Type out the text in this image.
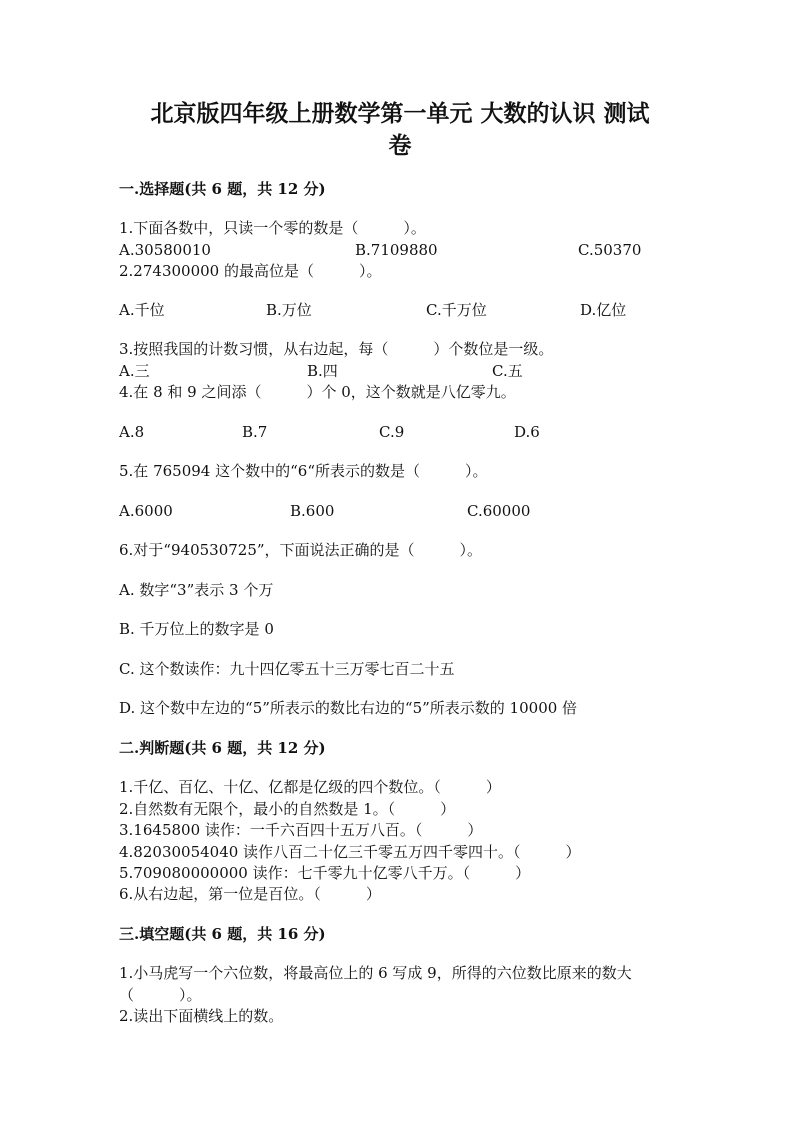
北京版四年级上册数学第一单元 大数的认识 测试
卷
一.选择题(共 6 题，共 12 分)
1.下面各数中，只读一个零的数是（　　　）。
A.30580010	B.7109880	C.50370
2.274300000 的最高位是（　　　）。
A.千位	B.万位	C.千万位	D.亿位
3.按照我国的计数习惯，从右边起，每（　　　）个数位是一级。
A.三	B.四	C.五
4.在 8 和 9 之间添（　　　）个 0，这个数就是八亿零九。
A.8	B.7	C.9	D.6
5.在 765094 这个数中的“6“所表示的数是（　　　）。
A.6000	B.600	C.60000
6.对于“940530725”，下面说法正确的是（　　　）。
A. 数字“3”表示 3 个万
B. 千万位上的数字是 0
C. 这个数读作：九十四亿零五十三万零七百二十五
D. 这个数中左边的“5”所表示的数比右边的“5”所表示数的 10000 倍
二.判断题(共 6 题，共 12 分)
1.千亿、百亿、十亿、亿都是亿级的四个数位。（　　　）
2.自然数有无限个，最小的自然数是 1。（　　　）
3.1645800 读作：一千六百四十五万八百。（　　　）
4.82030054040 读作八百二十亿三千零五万四千零四十。（　　　）
5.709080000000 读作：七千零九十亿零八千万。（　　　）
6.从右边起，第一位是百位。（　　　）
三.填空题(共 6 题，共 16 分)
1.小马虎写一个六位数，将最高位上的 6 写成 9，所得的六位数比原来的数大
（　　　）。
2.读出下面横线上的数。
